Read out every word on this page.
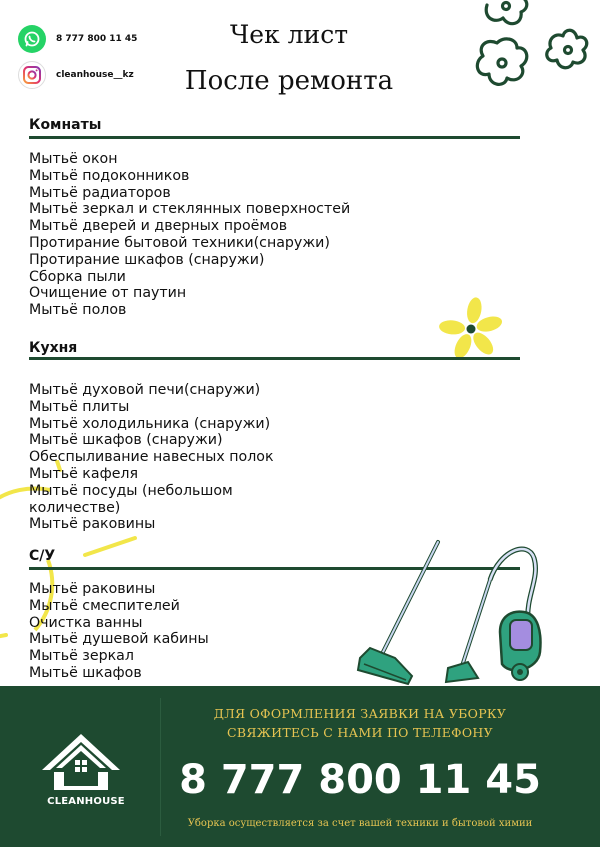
8 777 800 11 45
cleanhouse__kz
Чек лист
После ремонта
Комнаты
Мытьё окон
Мытьё подоконников
Мытьё радиаторов
Мытьё зеркал и стеклянных поверхностей
Мытьё дверей и дверных проёмов
Протирание бытовой техники(снаружи)
Протирание шкафов (снаружи)
Сборка пыли
Очищение от паутин
Мытьё полов
Кухня
Мытьё духовой печи(снаружи)
Мытьё плиты
Мытьё холодильника (снаружи)
Мытьё шкафов (снаружи)
Обеспыливание навесных полок
Мытьё кафеля
Мытьё посуды (небольшом количестве)
Мытьё раковины
С/У
Мытьё раковины
Мытьё смеспителей
Очистка ванны
Мытьё душевой кабины
Мытьё зеркал
Мытьё шкафов
CLEANHOUSE
ДЛЯ ОФОРМЛЕНИЯ ЗАЯВКИ НА УБОРКУ
СВЯЖИТЕСЬ С НАМИ ПО ТЕЛЕФОНУ
8 777 800 11 45
Уборка осуществляется за счет вашей техники и бытовой химии
